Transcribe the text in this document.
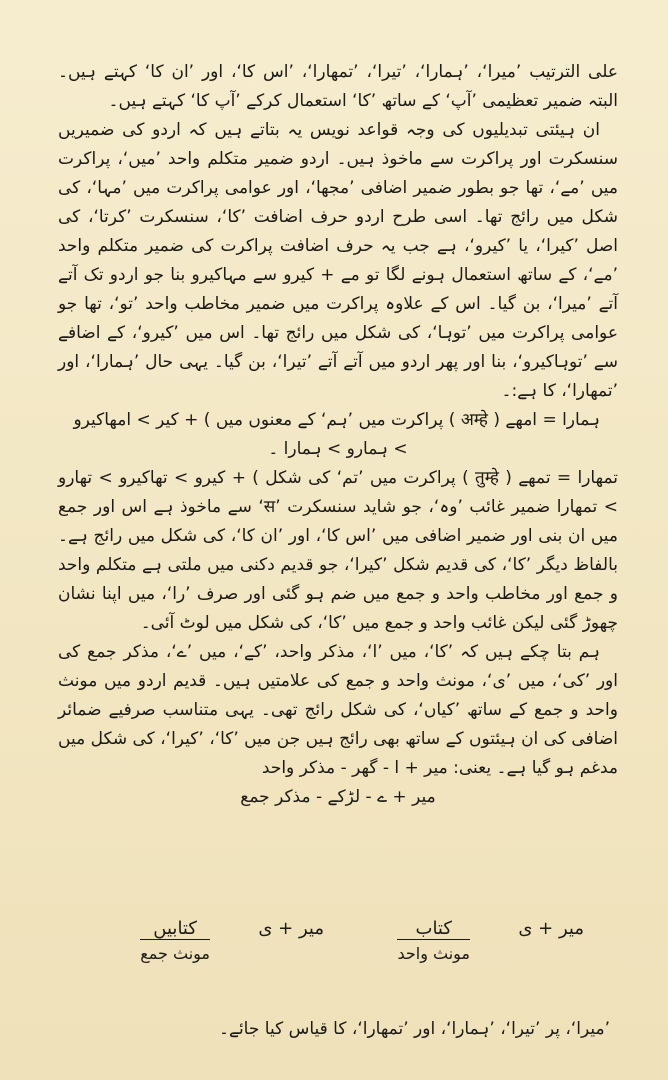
علی الترتیب ’میرا‘، ’ہمارا‘، ’تیرا‘، ’تمھارا‘، ’اس کا‘، اور ’ان کا‘ کہتے ہیں۔ البتہ ضمیر تعظیمی ’آپ‘ کے ساتھ ’کا‘ استعمال کرکے ’آپ کا‘ کہتے ہیں۔

ان ہیئتی تبدیلیوں کی وجہ قواعد نویس یہ بتاتے ہیں کہ اردو کی ضمیریں سنسکرت اور پراکرت سے ماخوذ ہیں۔ اردو ضمیر متکلم واحد ’میں‘، پراکرت میں ’مے‘، تھا جو بطور ضمیر اضافی ’مجھا‘، اور عوامی پراکرت میں ’مہا‘، کی شکل میں رائج تھا۔ اسی طرح اردو حرف اضافت ’کا‘، سنسکرت ’کرتا‘، کی اصل ’کیرا‘، یا ’کیرو‘، ہے جب یہ حرف اضافت پراکرت کی ضمیر متکلم واحد ’مے‘، کے ساتھ استعمال ہونے لگا تو مے + کیرو سے مہاکیرو بنا جو اردو تک آتے آتے ’میرا‘، بن گیا۔ اس کے علاوہ پراکرت میں ضمیر مخاطب واحد ’تو‘، تھا جو عوامی پراکرت میں ’توہا‘، کی شکل میں رائج تھا۔ اس میں ’کیرو‘، کے اضافے سے ’توہاکیرو‘، بنا اور پھر اردو میں آتے آتے ’تیرا‘، بن گیا۔ یہی حال ’ہمارا‘، اور ’تمھارا‘، کا ہے:۔

ہمارا = امھے ( अम्हे ) پراکرت میں ’ہم‘ کے معنوں میں ) + کیر > امھاکیرو

> ہمارو > ہمارا ۔

تمھارا = تمھے ( तुम्हे ) پراکرت میں ’تم‘ کی شکل ) + کیرو > تھاکیرو > تھارو > تمھارا ضمیر غائب ’وہ‘، جو شاید سنسکرت ’स‘ سے ماخوذ ہے اس اور جمع میں ان بنی اور ضمیر اضافی میں ’اس کا‘، اور ’ان کا‘، کی شکل میں رائج ہے۔ بالفاظ دیگر ’کا‘، کی قدیم شکل ’کیرا‘، جو قدیم دکنی میں ملتی ہے متکلم واحد و جمع اور مخاطب واحد و جمع میں ضم ہو گئی اور صرف ’را‘، میں اپنا نشان چھوڑ گئی لیکن غائب واحد و جمع میں ’کا‘، کی شکل میں لوٹ آئی۔

ہم بتا چکے ہیں کہ ’کا‘، میں ’ا‘، مذکر واحد، ’کے‘، میں ’ے‘، مذکر جمع کی اور ’کی‘، میں ’ی‘، مونث واحد و جمع کی علامتیں ہیں۔ قدیم اردو میں مونث واحد و جمع کے ساتھ ’کیاں‘، کی شکل رائج تھی۔ یہی متناسب صرفیے ضمائر اضافی کی ان ہیئتوں کے ساتھ بھی رائج ہیں جن میں ’کا‘، ’کیرا‘، کی شکل میں مدغم ہو گیا ہے۔ یعنی: میر + ا - گھر - مذکر واحد

میر + ے - لڑکے - مذکر جمع

میر + ی
کتاب
مونث واحد
میر + ی
کتابیں
مونث جمع
’میرا‘، پر ’تیرا‘، ’ہمارا‘، اور ’تمھارا‘، کا قیاس کیا جائے۔
